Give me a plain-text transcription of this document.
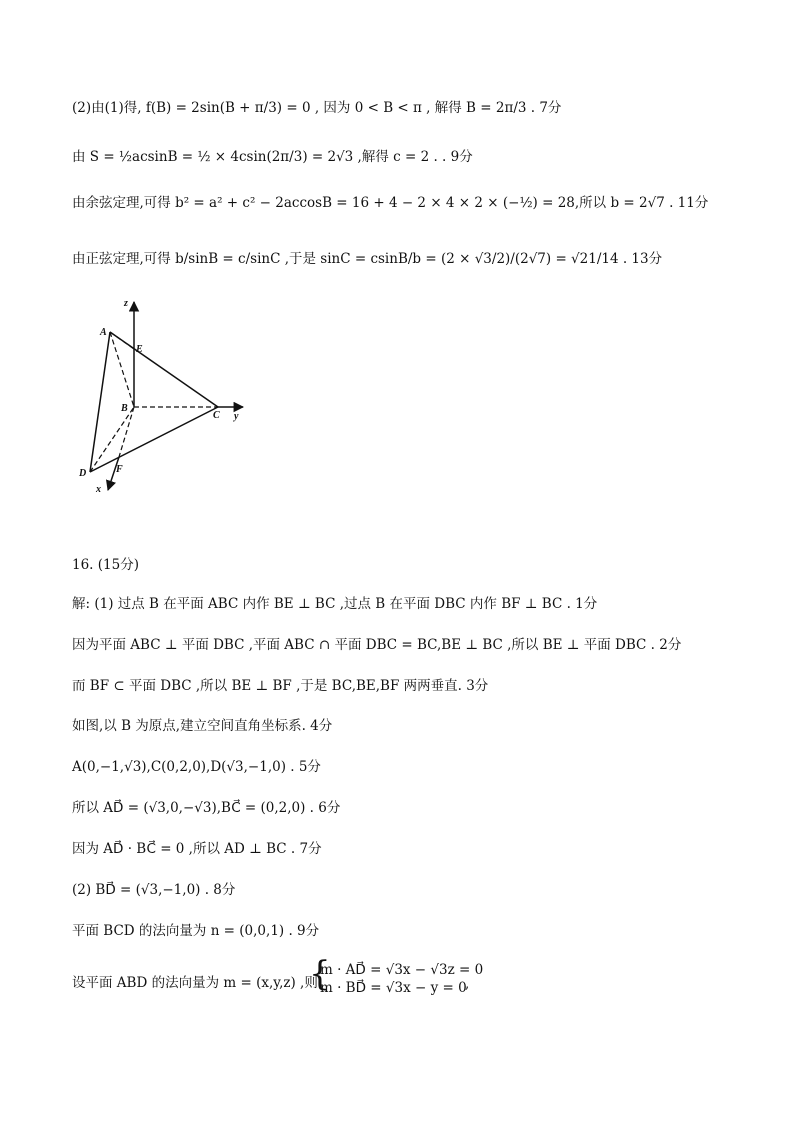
(2)由(1)得, f(B) = 2sin(B + π/3) = 0 , 因为 0 < B < π , 解得 B = 2π/3 . 7分
由 S = ½acsinB = ½ × 4csin(2π/3) = 2√3 ,解得 c = 2 . . 9分
由余弦定理,可得 b² = a² + c² − 2accosB = 16 + 4 − 2 × 4 × 2 × (−½) = 28,所以 b = 2√7 . 11分
由正弦定理,可得 b/sinB = c/sinC ,于是 sinC = csinB/b = (2 × √3/2)/(2√7) = √21/14 . 13分
z
A
E
B
C y
D	F
x
16. (15分)
解: (1) 过点 B 在平面 ABC 内作 BE ⊥ BC ,过点 B 在平面 DBC 内作 BF ⊥ BC . 1分
因为平面 ABC ⊥ 平面 DBC ,平面 ABC ∩ 平面 DBC = BC,BE ⊥ BC ,所以 BE ⊥ 平面 DBC . 2分
而 BF ⊂ 平面 DBC ,所以 BE ⊥ BF ,于是 BC,BE,BF 两两垂直. 3分
如图,以 B 为原点,建立空间直角坐标系. 4分
A(0,−1,√3),C(0,2,0),D(√3,−1,0) . 5分
所以 AD⃗ = (√3,0,−√3),BC⃗ = (0,2,0) . 6分
因为 AD⃗ · BC⃗ = 0 ,所以 AD ⊥ BC . 7分
(2) BD⃗ = (√3,−1,0) . 8分
平面 BCD 的法向量为 n = (0,0,1) . 9分
设平面 ABD 的法向量为 m = (x,y,z) ,则
{
m · AD⃗ = √3x − √3z = 0
m · BD⃗ = √3x − y = 0
,
